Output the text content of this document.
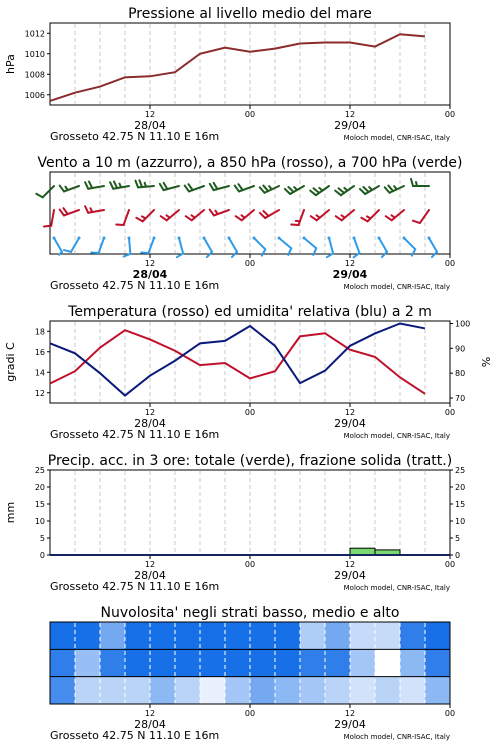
Pressione al livello medio del mare
12	00	12	00
28/04	29/04
Grosseto 42.75 N 11.10 E 16m	Moloch model, CNR-ISAC, Italy
1006
1008
1010
1012
hPa
Vento a 10 m (azzurro), a 850 hPa (rosso), a 700 hPa (verde)
12	00	12	00
28/04	29/04
Grosseto 42.75 N 11.10 E 16m	Moloch model, CNR-ISAC, Italy
Temperatura (rosso) ed umidita' relativa (blu) a 2 m
12	00	12	00
28/04	29/04
Grosseto 42.75 N 11.10 E 16m	Moloch model, CNR-ISAC, Italy
12
14
16
18
70
80
90
100
gradi C	%
Precip. acc. in 3 ore: totale (verde), frazione solida (tratt.)
12	00	12	00
28/04	29/04
Grosseto 42.75 N 11.10 E 16m	Moloch model, CNR-ISAC, Italy
0	0
5	5
10	10
15	15
20	20
25	25
mm
Nuvolosita' negli strati basso, medio e alto
12	00	12	00
28/04	29/04
Grosseto 42.75 N 11.10 E 16m	Moloch model, CNR-ISAC, Italy
